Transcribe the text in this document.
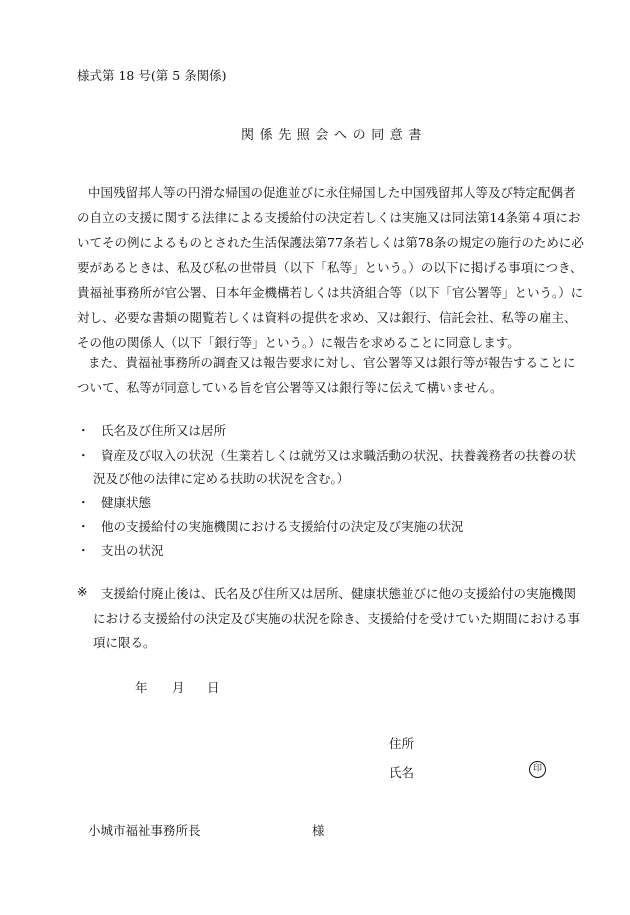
様式第 18 号(第 5 条関係)
関係先照会への同意書
中国残留邦人等の円滑な帰国の促進並びに永住帰国した中国残留邦人等及び特定配偶者
の自立の支援に関する法律による支援給付の決定若しくは実施又は同法第14条第４項にお
いてその例によるものとされた生活保護法第77条若しくは第78条の規定の施行のために必
要があるときは、私及び私の世帯員（以下「私等」という。）の以下に掲げる事項につき、
貴福祉事務所が官公署、日本年金機構若しくは共済組合等（以下「官公署等」という。）に
対し、必要な書類の閲覧若しくは資料の提供を求め、又は銀行、信託会社、私等の雇主、
その他の関係人（以下「銀行等」という。）に報告を求めることに同意します。
また、貴福祉事務所の調査又は報告要求に対し、官公署等又は銀行等が報告することに
ついて、私等が同意している旨を官公署等又は銀行等に伝えて構いません。
・ 氏名及び住所又は居所
・ 資産及び収入の状況（生業若しくは就労又は求職活動の状況、扶養義務者の扶養の状
況及び他の法律に定める扶助の状況を含む。）
・ 健康状態
・ 他の支援給付の実施機関における支援給付の決定及び実施の状況
・ 支出の状況
※ 支援給付廃止後は、氏名及び住所又は居所、健康状態並びに他の支援給付の実施機関
における支援給付の決定及び実施の状況を除き、支援給付を受けていた期間における事
項に限る。
年 月 日
住所
氏名	印
小城市福祉事務所長	様
